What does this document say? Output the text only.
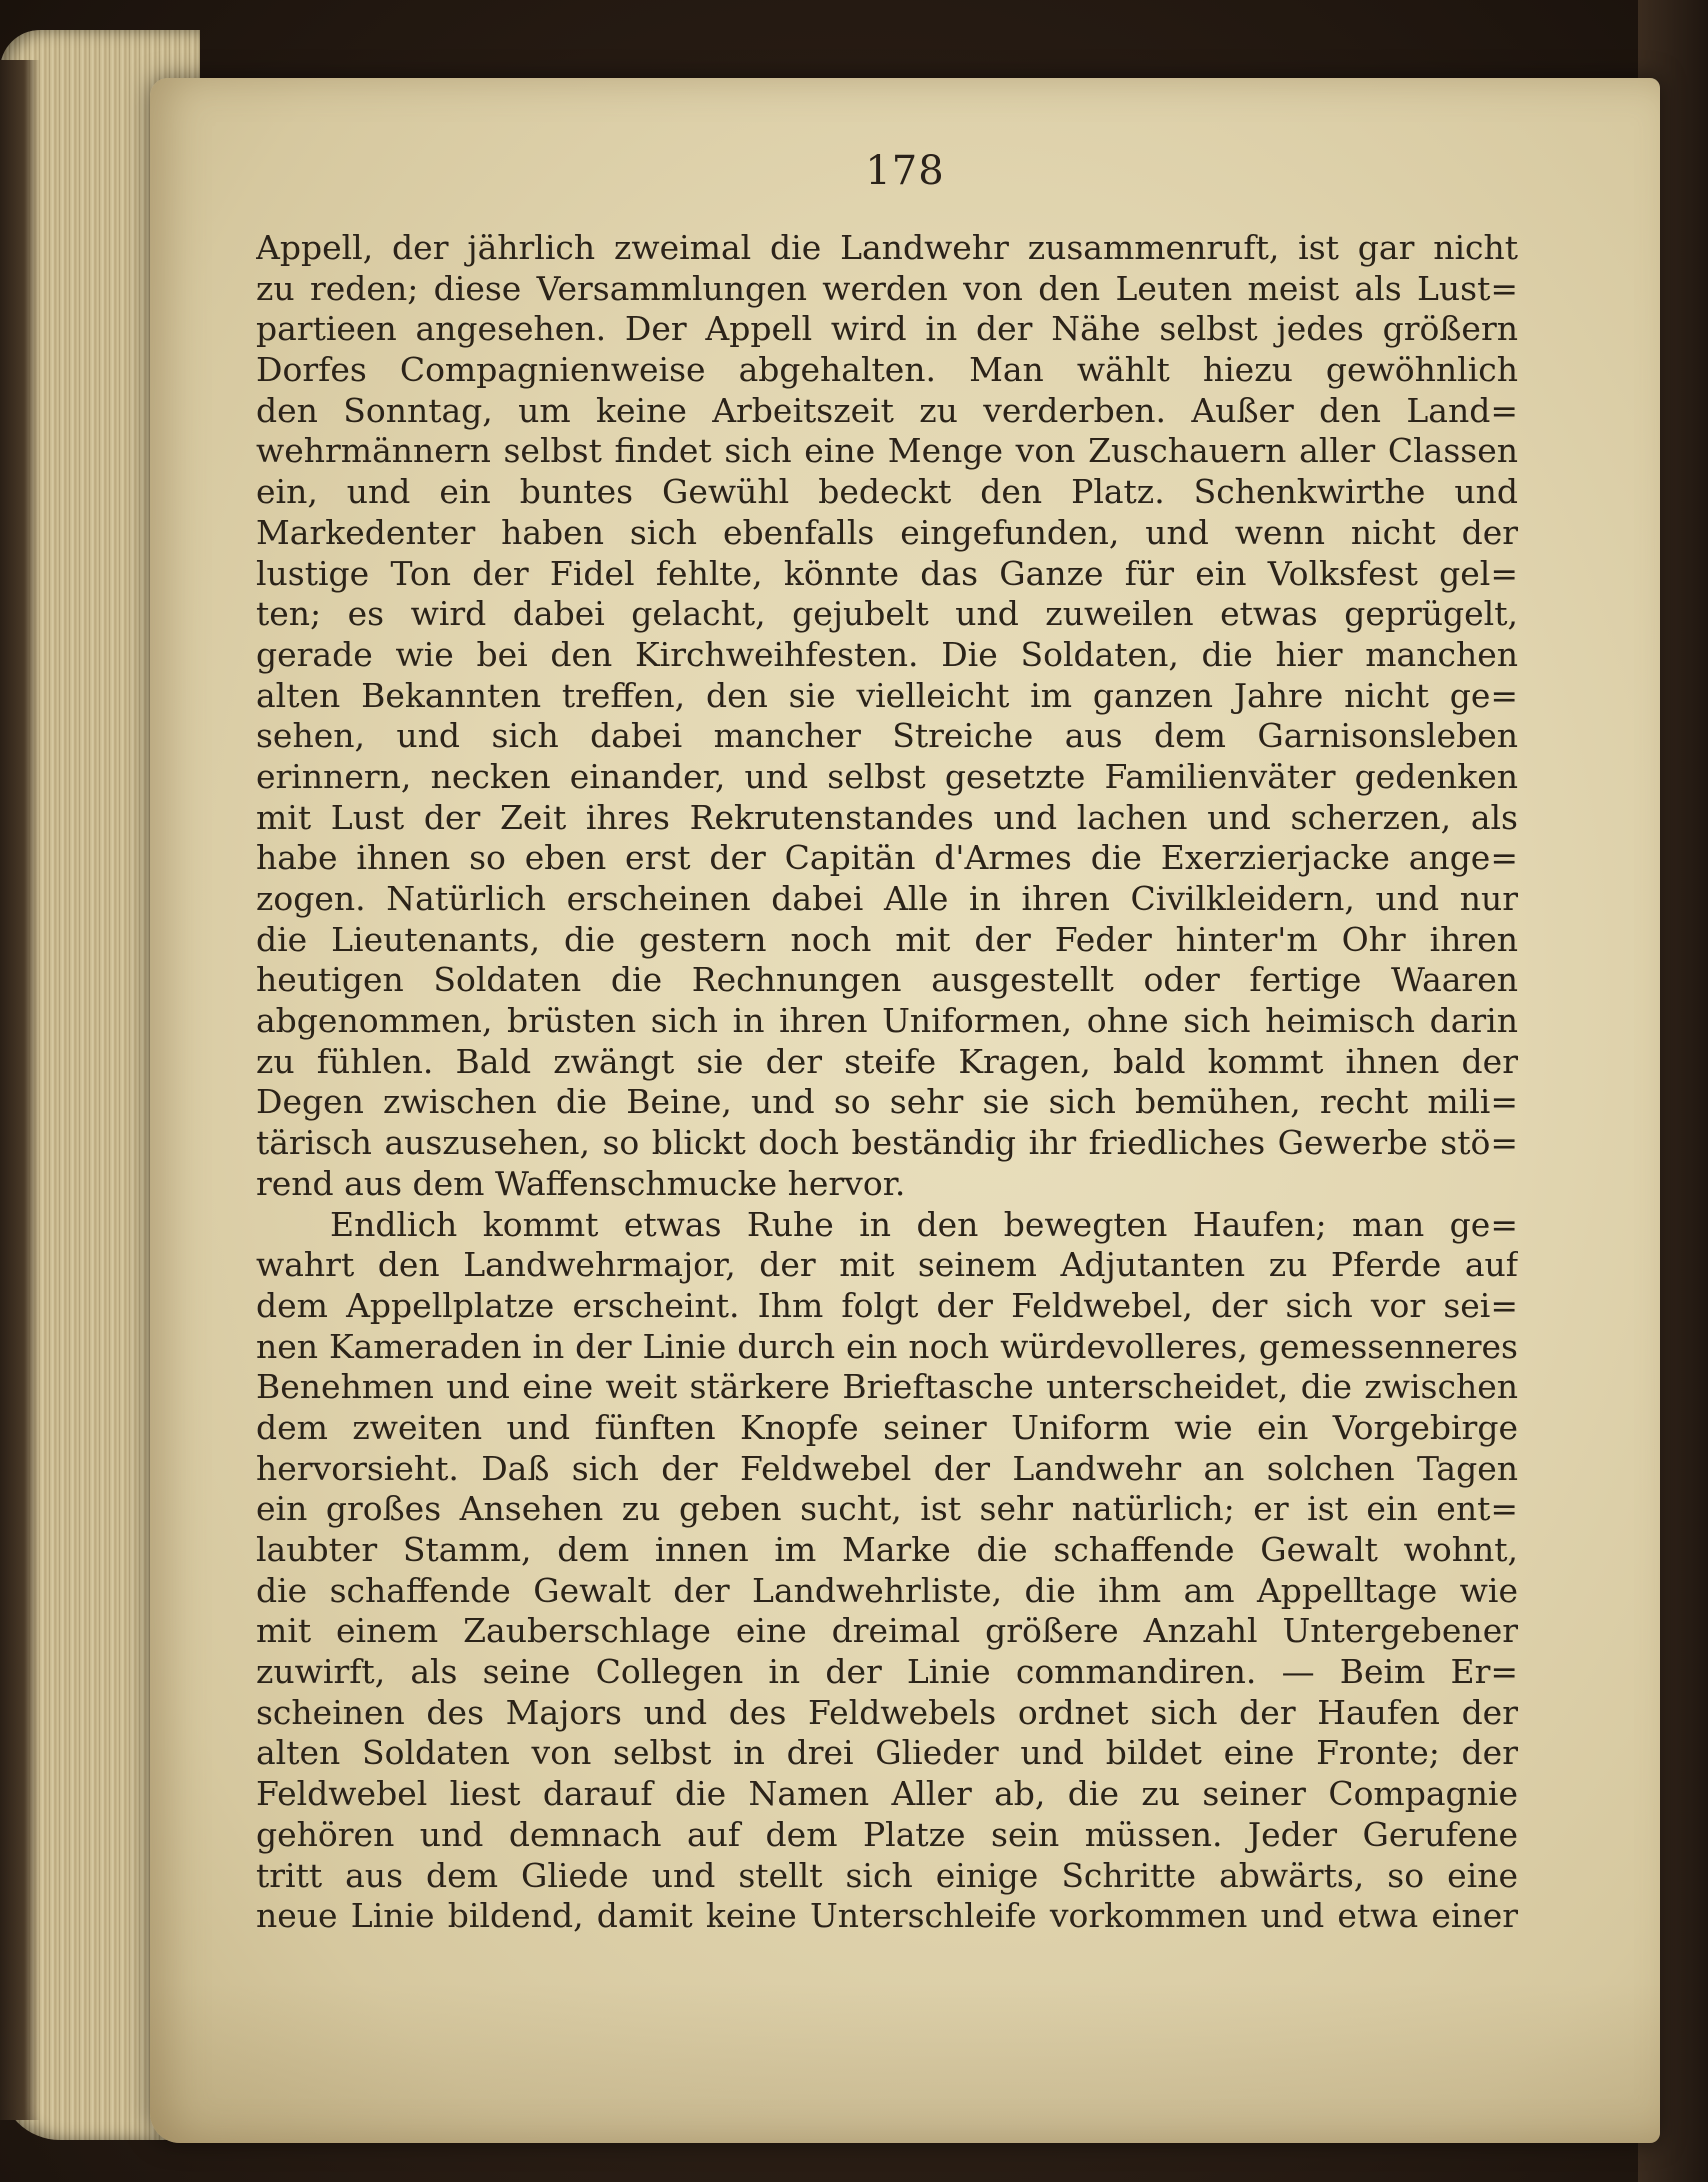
178
Appell, der jährlich zweimal die Landwehr zusammenruft, ist gar nicht
zu reden; diese Versammlungen werden von den Leuten meist als Lust=
partieen angesehen. Der Appell wird in der Nähe selbst jedes größern
Dorfes Compagnienweise abgehalten. Man wählt hiezu gewöhnlich
den Sonntag, um keine Arbeitszeit zu verderben. Außer den Land=
wehrmännern selbst findet sich eine Menge von Zuschauern aller Classen
ein, und ein buntes Gewühl bedeckt den Platz. Schenkwirthe und
Markedenter haben sich ebenfalls eingefunden, und wenn nicht der
lustige Ton der Fidel fehlte, könnte das Ganze für ein Volksfest gel=
ten; es wird dabei gelacht, gejubelt und zuweilen etwas geprügelt,
gerade wie bei den Kirchweihfesten. Die Soldaten, die hier manchen
alten Bekannten treffen, den sie vielleicht im ganzen Jahre nicht ge=
sehen, und sich dabei mancher Streiche aus dem Garnisonsleben
erinnern, necken einander, und selbst gesetzte Familienväter gedenken
mit Lust der Zeit ihres Rekrutenstandes und lachen und scherzen, als
habe ihnen so eben erst der Capitän d'Armes die Exerzierjacke ange=
zogen. Natürlich erscheinen dabei Alle in ihren Civilkleidern, und nur
die Lieutenants, die gestern noch mit der Feder hinter'm Ohr ihren
heutigen Soldaten die Rechnungen ausgestellt oder fertige Waaren
abgenommen, brüsten sich in ihren Uniformen, ohne sich heimisch darin
zu fühlen. Bald zwängt sie der steife Kragen, bald kommt ihnen der
Degen zwischen die Beine, und so sehr sie sich bemühen, recht mili=
tärisch auszusehen, so blickt doch beständig ihr friedliches Gewerbe stö=
rend aus dem Waffenschmucke hervor.
Endlich kommt etwas Ruhe in den bewegten Haufen; man ge=
wahrt den Landwehrmajor, der mit seinem Adjutanten zu Pferde auf
dem Appellplatze erscheint. Ihm folgt der Feldwebel, der sich vor sei=
nen Kameraden in der Linie durch ein noch würdevolleres, gemessenneres
Benehmen und eine weit stärkere Brieftasche unterscheidet, die zwischen
dem zweiten und fünften Knopfe seiner Uniform wie ein Vorgebirge
hervorsieht. Daß sich der Feldwebel der Landwehr an solchen Tagen
ein großes Ansehen zu geben sucht, ist sehr natürlich; er ist ein ent=
laubter Stamm, dem innen im Marke die schaffende Gewalt wohnt,
die schaffende Gewalt der Landwehrliste, die ihm am Appelltage wie
mit einem Zauberschlage eine dreimal größere Anzahl Untergebener
zuwirft, als seine Collegen in der Linie commandiren. — Beim Er=
scheinen des Majors und des Feldwebels ordnet sich der Haufen der
alten Soldaten von selbst in drei Glieder und bildet eine Fronte; der
Feldwebel liest darauf die Namen Aller ab, die zu seiner Compagnie
gehören und demnach auf dem Platze sein müssen. Jeder Gerufene
tritt aus dem Gliede und stellt sich einige Schritte abwärts, so eine
neue Linie bildend, damit keine Unterschleife vorkommen und etwa einer
